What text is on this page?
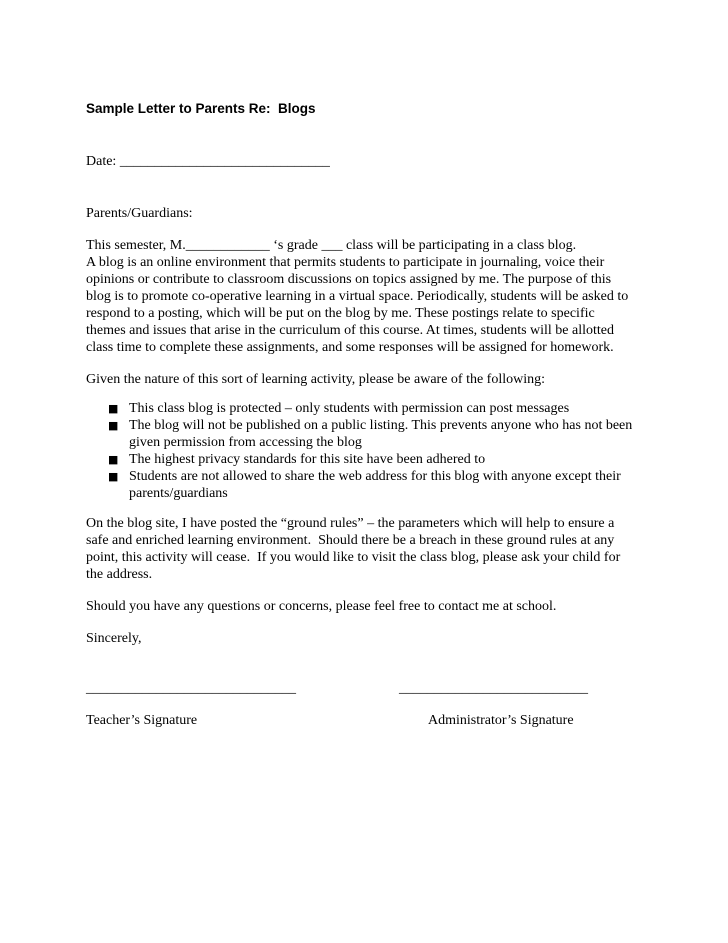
Sample Letter to Parents Re:  Blogs
Date: ______________________________
Parents/Guardians:
This semester, M.____________ ‘s grade ___ class will be participating in a class blog.
A blog is an online environment that permits students to participate in journaling, voice their
opinions or contribute to classroom discussions on topics assigned by me. The purpose of this
blog is to promote co-operative learning in a virtual space. Periodically, students will be asked to
respond to a posting, which will be put on the blog by me. These postings relate to specific
themes and issues that arise in the curriculum of this course. At times, students will be allotted
class time to complete these assignments, and some responses will be assigned for homework.
Given the nature of this sort of learning activity, please be aware of the following:
■ This class blog is protected – only students with permission can post messages
■ The blog will not be published on a public listing. This prevents anyone who has not been given permission from accessing the blog
■ The highest privacy standards for this site have been adhered to
■ Students are not allowed to share the web address for this blog with anyone except their parents/guardians
On the blog site, I have posted the “ground rules” – the parameters which will help to ensure a
safe and enriched learning environment.  Should there be a breach in these ground rules at any
point, this activity will cease.  If you would like to visit the class blog, please ask your child for
the address.
Should you have any questions or concerns, please feel free to contact me at school.
Sincerely,
______________________________	___________________________
Teacher’s Signature	Administrator’s Signature
